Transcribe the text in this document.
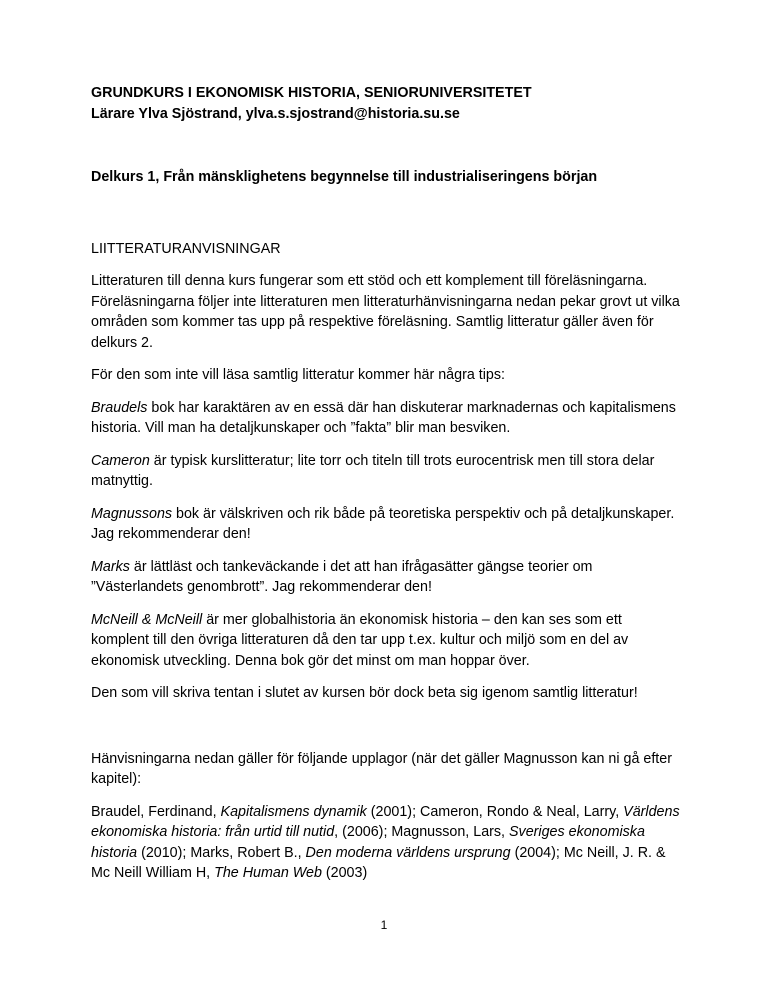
GRUNDKURS I EKONOMISK HISTORIA, SENIORUNIVERSITETET

Lärare Ylva Sjöstrand, ylva.s.sjostrand@historia.su.se

Delkurs 1, Från mänsklighetens begynnelse till industrialiseringens början

LIITTERATURANVISNINGAR

Litteraturen till denna kurs fungerar som ett stöd och ett komplement till föreläsningarna. Föreläsningarna följer inte litteraturen men litteraturhänvisningarna nedan pekar grovt ut vilka områden som kommer tas upp på respektive föreläsning. Samtlig litteratur gäller även för delkurs 2.

För den som inte vill läsa samtlig litteratur kommer här några tips:

Braudels bok har karaktären av en essä där han diskuterar marknadernas och kapitalismens historia. Vill man ha detaljkunskaper och ”fakta” blir man besviken.

Cameron är typisk kurslitteratur; lite torr och titeln till trots eurocentrisk men till stora delar matnyttig.

Magnussons bok är välskriven och rik både på teoretiska perspektiv och på detaljkunskaper. Jag rekommenderar den!

Marks är lättläst och tankeväckande i det att han ifrågasätter gängse teorier om ”Västerlandets genombrott”. Jag rekommenderar den!

McNeill & McNeill är mer globalhistoria än ekonomisk historia – den kan ses som ett komplent till den övriga litteraturen då den tar upp t.ex. kultur och miljö som en del av ekonomisk utveckling. Denna bok gör det minst om man hoppar över.

Den som vill skriva tentan i slutet av kursen bör dock beta sig igenom samtlig litteratur!

Hänvisningarna nedan gäller för följande upplagor (när det gäller Magnusson kan ni gå efter kapitel):

Braudel, Ferdinand, Kapitalismens dynamik (2001); Cameron, Rondo & Neal, Larry, Världens ekonomiska historia: från urtid till nutid, (2006); Magnusson, Lars, Sveriges ekonomiska historia (2010); Marks, Robert B., Den moderna världens ursprung (2004); Mc Neill, J. R. & Mc Neill William H, The Human Web (2003)

1
